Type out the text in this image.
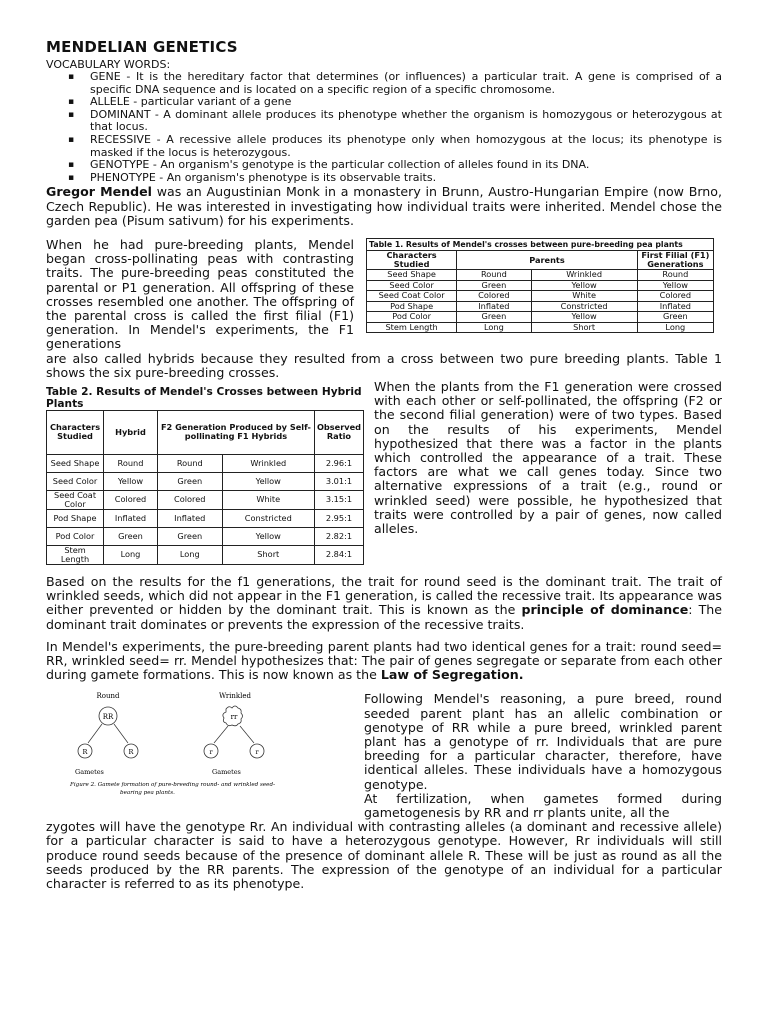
MENDELIAN GENETICS

VOCABULARY WORDS:

▪ GENE - It is the hereditary factor that determines (or influences) a particular trait. A gene is comprised of a specific DNA sequence and is located on a specific region of a specific chromosome.
▪ ALLELE - particular variant of a gene
▪ DOMINANT - A dominant allele produces its phenotype whether the organism is homozygous or heterozygous at that locus.
▪ RECESSIVE - A recessive allele produces its phenotype only when homozygous at the locus; its phenotype is masked if the locus is heterozygous.
▪ GENOTYPE - An organism's genotype is the particular collection of alleles found in its DNA.
▪ PHENOTYPE - An organism's phenotype is its observable traits.

Gregor Mendel was an Augustinian Monk in a monastery in Brunn, Austro-Hungarian Empire (now Brno, Czech Republic). He was interested in investigating how individual traits were inherited. Mendel chose the garden pea (Pisum sativum) for his experiments.

Table 1. Results of Mendel's crosses between pure-breeding pea plants			
Characters Studied	Parents		First Filial (F1) Generations
Seed Shape	Round	Wrinkled	Round
Seed Color	Green	Yellow	Yellow
Seed Coat Color	Colored	White	Colored
Pod Shape	Inflated	Constricted	Inflated
Pod Color	Green	Yellow	Green
Stem Length	Long	Short	Long

When he had pure-breeding plants, Mendel began cross-pollinating peas with contrasting traits. The pure-breeding peas constituted the parental or P1 generation. All offspring of these crosses resembled one another. The offspring of the parental cross is called the first filial (F1) generation. In Mendel's experiments, the F1 generations

are also called hybrids because they resulted from a cross between two pure breeding plants. Table 1 shows the six pure-breeding crosses.

Table 2. Results of Mendel's Crosses between Hybrid Plants

Characters Studied	Hybrid	F2 Generation Produced by Self-pollinating F1 Hybrids		Observed Ratio
Seed Shape	Round	Round	Wrinkled	2.96:1
Seed Color	Yellow	Green	Yellow	3.01:1
Seed Coat Color	Colored	Colored	White	3.15:1
Pod Shape	Inflated	Inflated	Constricted	2.95:1
Pod Color	Green	Green	Yellow	2.82:1
Stem Length	Long	Long	Short	2.84:1

When the plants from the F1 generation were crossed with each other or self-pollinated, the offspring (F2 or the second filial generation) were of two types. Based on the results of his experiments, Mendel hypothesized that there was a factor in the plants which controlled the appearance of a trait. These factors are what we call genes today. Since two alternative expressions of a trait (e.g., round or wrinkled seed) were possible, he hypothesized that traits were controlled by a pair of genes, now called alleles.

Based on the results for the f1 generations, the trait for round seed is the dominant trait. The trait of wrinkled seeds, which did not appear in the F1 generation, is called the recessive trait. Its appearance was either prevented or hidden by the dominant trait. This is known as the principle of dominance: The dominant trait dominates or prevents the expression of the recessive traits.

In Mendel's experiments, the pure-breeding parent plants had two identical genes for a trait: round seed= RR, wrinkled seed= rr. Mendel hypothesizes that: The pair of genes segregate or separate from each other during gamete formations. This is now known as the Law of Segregation.

Following Mendel's reasoning, a pure breed, round seeded parent plant has an allelic combination or genotype of RR while a pure breed, wrinkled parent plant has a genotype of rr. Individuals that are pure breeding for a particular character, therefore, have identical alleles. These individuals have a homozygous genotype.

At fertilization, when gametes formed during gametogenesis by RR and rr plants unite, all the

zygotes will have the genotype Rr. An individual with contrasting alleles (a dominant and recessive allele) for a particular character is said to have a heterozygous genotype. However, Rr individuals will still produce round seeds because of the presence of dominant allele R. These will be just as round as all the seeds produced by the RR parents. The expression of the genotype of an individual for a particular character is referred to as its phenotype.

Round	Wrinkled
RR	rr
R	R	r	r
Gametes	Gametes
Figure 2. Gamete formation of pure-breeding round- and wrinkled seed-bearing pea plants.
